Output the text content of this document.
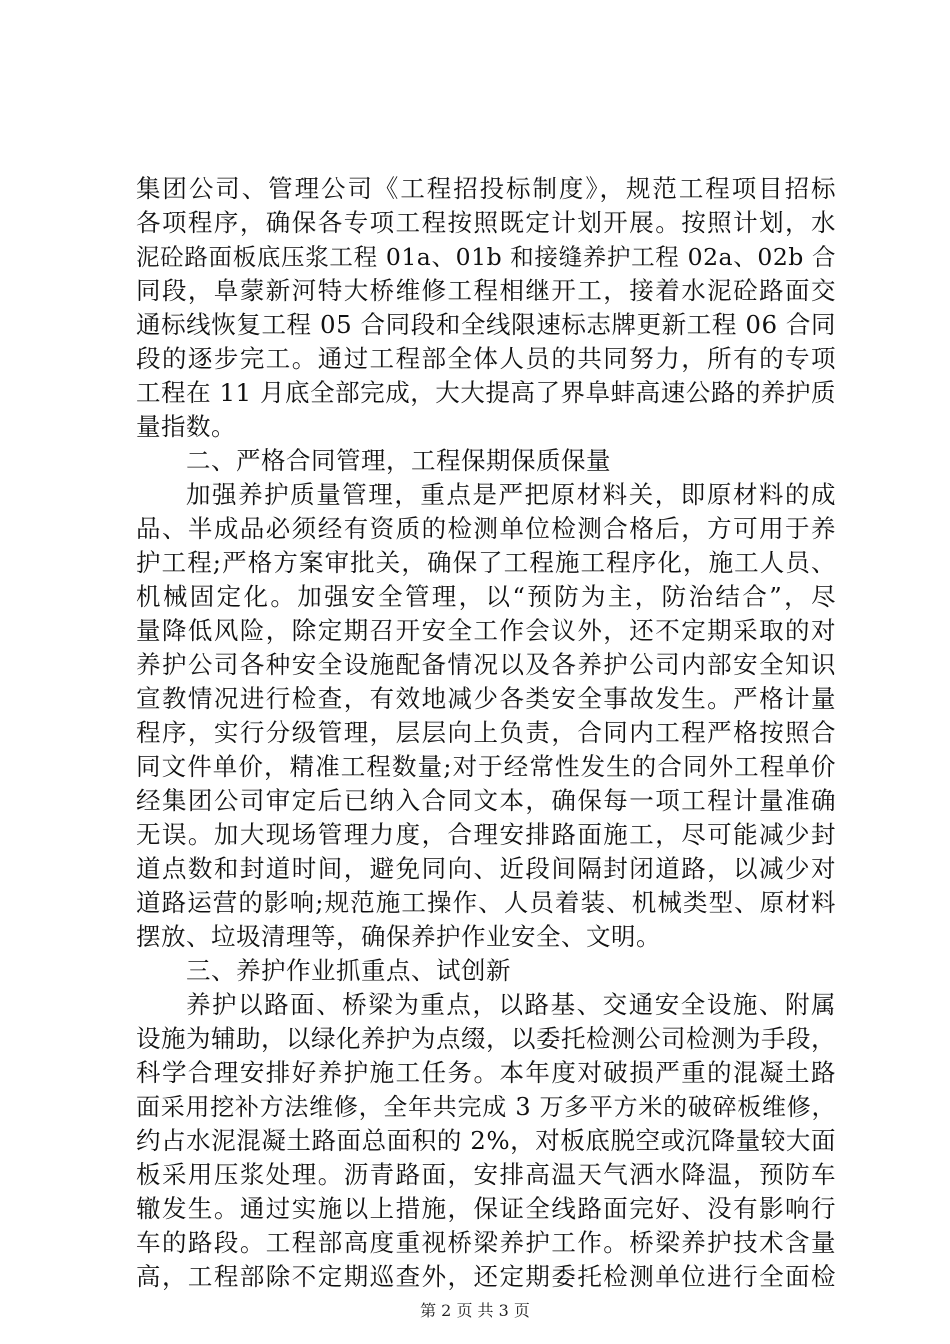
集团公司、管理公司《工程招投标制度》，规范工程项目招标
各项程序，确保各专项工程按照既定计划开展。按照计划，水
泥砼路面板底压浆工程 01a、01b 和接缝养护工程 02a、02b 合
同段，阜蒙新河特大桥维修工程相继开工，接着水泥砼路面交
通标线恢复工程 05 合同段和全线限速标志牌更新工程 06 合同
段的逐步完工。通过工程部全体人员的共同努力，所有的专项
工程在 11 月底全部完成，大大提高了界阜蚌高速公路的养护质
量指数。
二、严格合同管理，工程保期保质保量
加强养护质量管理，重点是严把原材料关，即原材料的成
品、半成品必须经有资质的检测单位检测合格后，方可用于养
护工程;严格方案审批关，确保了工程施工程序化，施工人员、
机械固定化。加强安全管理，以“预防为主，防治结合”，尽
量降低风险，除定期召开安全工作会议外，还不定期采取的对
养护公司各种安全设施配备情况以及各养护公司内部安全知识
宣教情况进行检查，有效地减少各类安全事故发生。严格计量
程序，实行分级管理，层层向上负责，合同内工程严格按照合
同文件单价，精准工程数量;对于经常性发生的合同外工程单价
经集团公司审定后已纳入合同文本，确保每一项工程计量准确
无误。加大现场管理力度，合理安排路面施工，尽可能减少封
道点数和封道时间，避免同向、近段间隔封闭道路，以减少对
道路运营的影响;规范施工操作、人员着装、机械类型、原材料
摆放、垃圾清理等，确保养护作业安全、文明。
三、养护作业抓重点、试创新
养护以路面、桥梁为重点，以路基、交通安全设施、附属
设施为辅助，以绿化养护为点缀，以委托检测公司检测为手段，
科学合理安排好养护施工任务。本年度对破损严重的混凝土路
面采用挖补方法维修，全年共完成 3 万多平方米的破碎板维修，
约占水泥混凝土路面总面积的 2%，对板底脱空或沉降量较大面
板采用压浆处理。沥青路面，安排高温天气洒水降温，预防车
辙发生。通过实施以上措施，保证全线路面完好、没有影响行
车的路段。工程部高度重视桥梁养护工作。桥梁养护技术含量
高，工程部除不定期巡查外，还定期委托检测单位进行全面检
第 2 页 共 3 页
